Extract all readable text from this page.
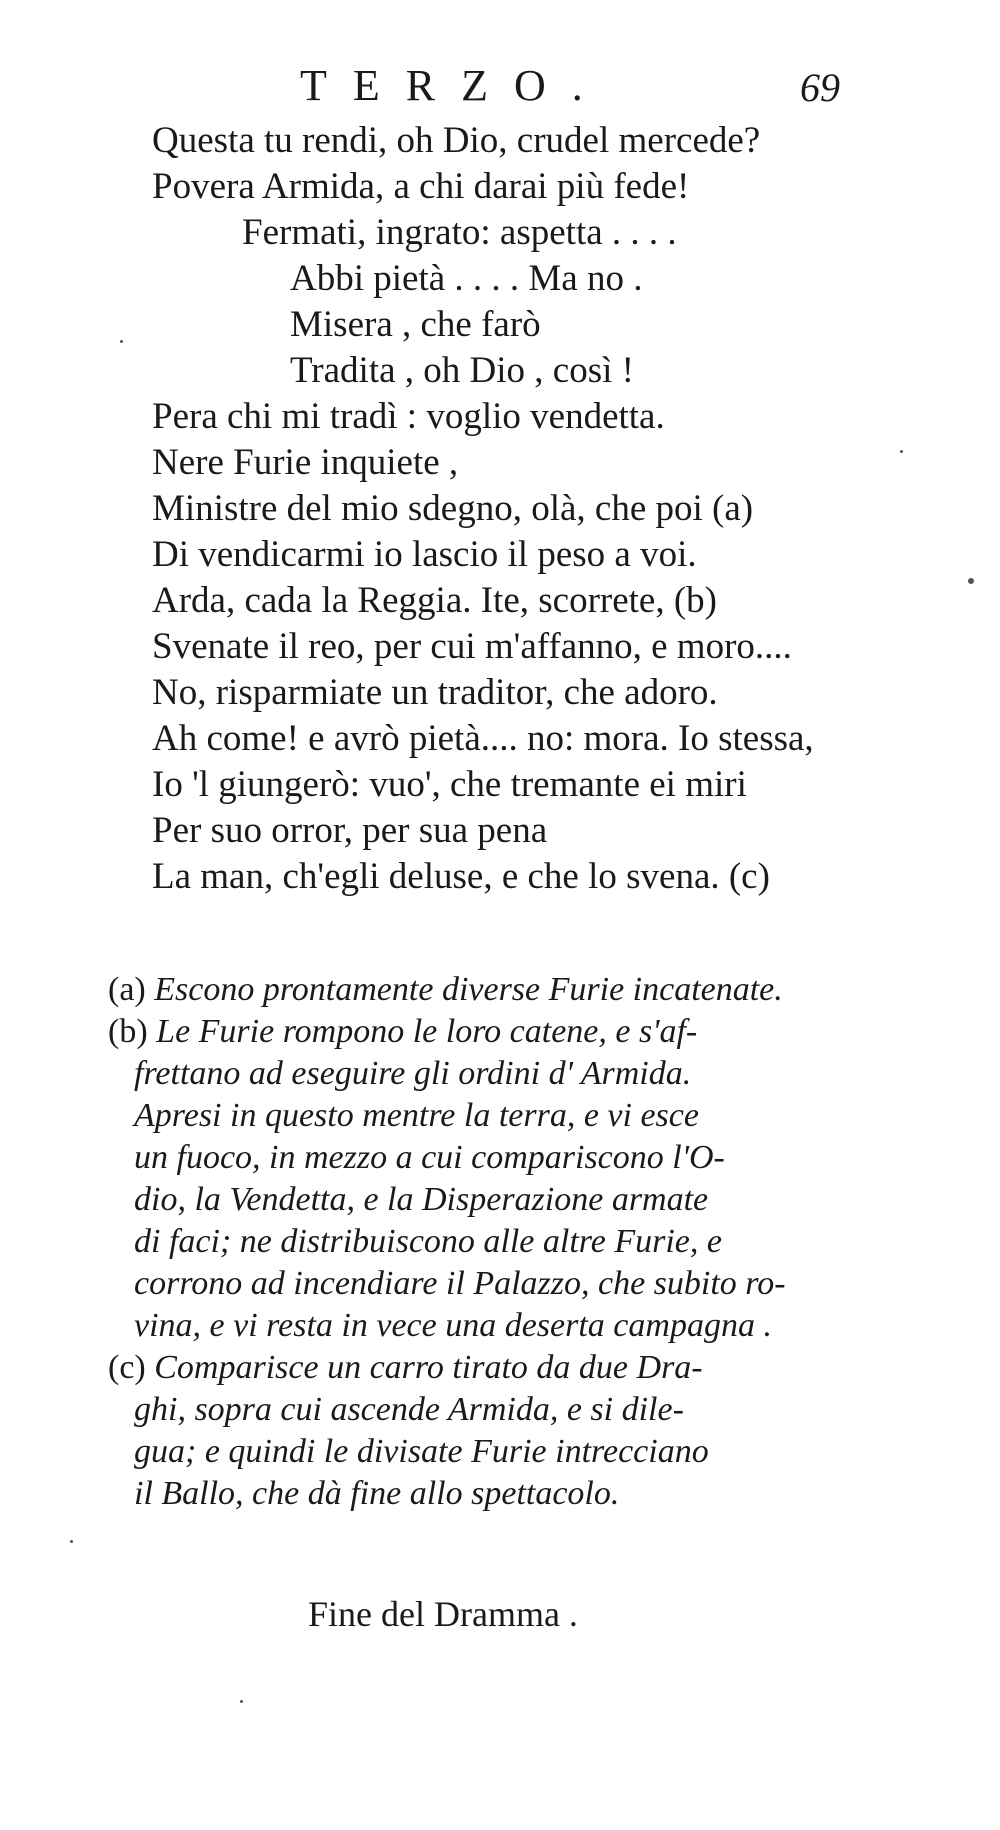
TERZO.	69
Questa tu rendi, oh Dio, crudel mercede?
Povera Armida, a chi darai più fede!
Fermati, ingrato: aspetta . . . .
Abbi pietà . . . . Ma no .
Misera , che farò
Tradita , oh Dio , così !
Pera chi mi tradì : voglio vendetta.
Nere Furie inquiete ,
Ministre del mio sdegno, olà, che poi (a)
Di vendicarmi io lascio il peso a voi.
Arda, cada la Reggia. Ite, scorrete, (b)
Svenate il reo, per cui m'affanno, e moro....
No, risparmiate un traditor, che adoro.
Ah come! e avrò pietà.... no: mora. Io stessa,
Io 'l giungerò: vuo', che tremante ei miri
Per suo orror, per sua pena
La man, ch'egli deluse, e che lo svena. (c)
(a) Escono prontamente diverse Furie incatenate.
(b) Le Furie rompono le loro catene, e s'af-
frettano ad eseguire gli ordini d' Armida.
Apresi in questo mentre la terra, e vi esce
un fuoco, in mezzo a cui compariscono l'O-
dio, la Vendetta, e la Disperazione armate
di faci; ne distribuiscono alle altre Furie, e
corrono ad incendiare il Palazzo, che subito ro-
vina, e vi resta in vece una deserta campagna .
(c) Comparisce un carro tirato da due Dra-
ghi, sopra cui ascende Armida, e si dile-
gua; e quindi le divisate Furie intrecciano
il Ballo, che dà fine allo spettacolo.
Fine del Dramma .
